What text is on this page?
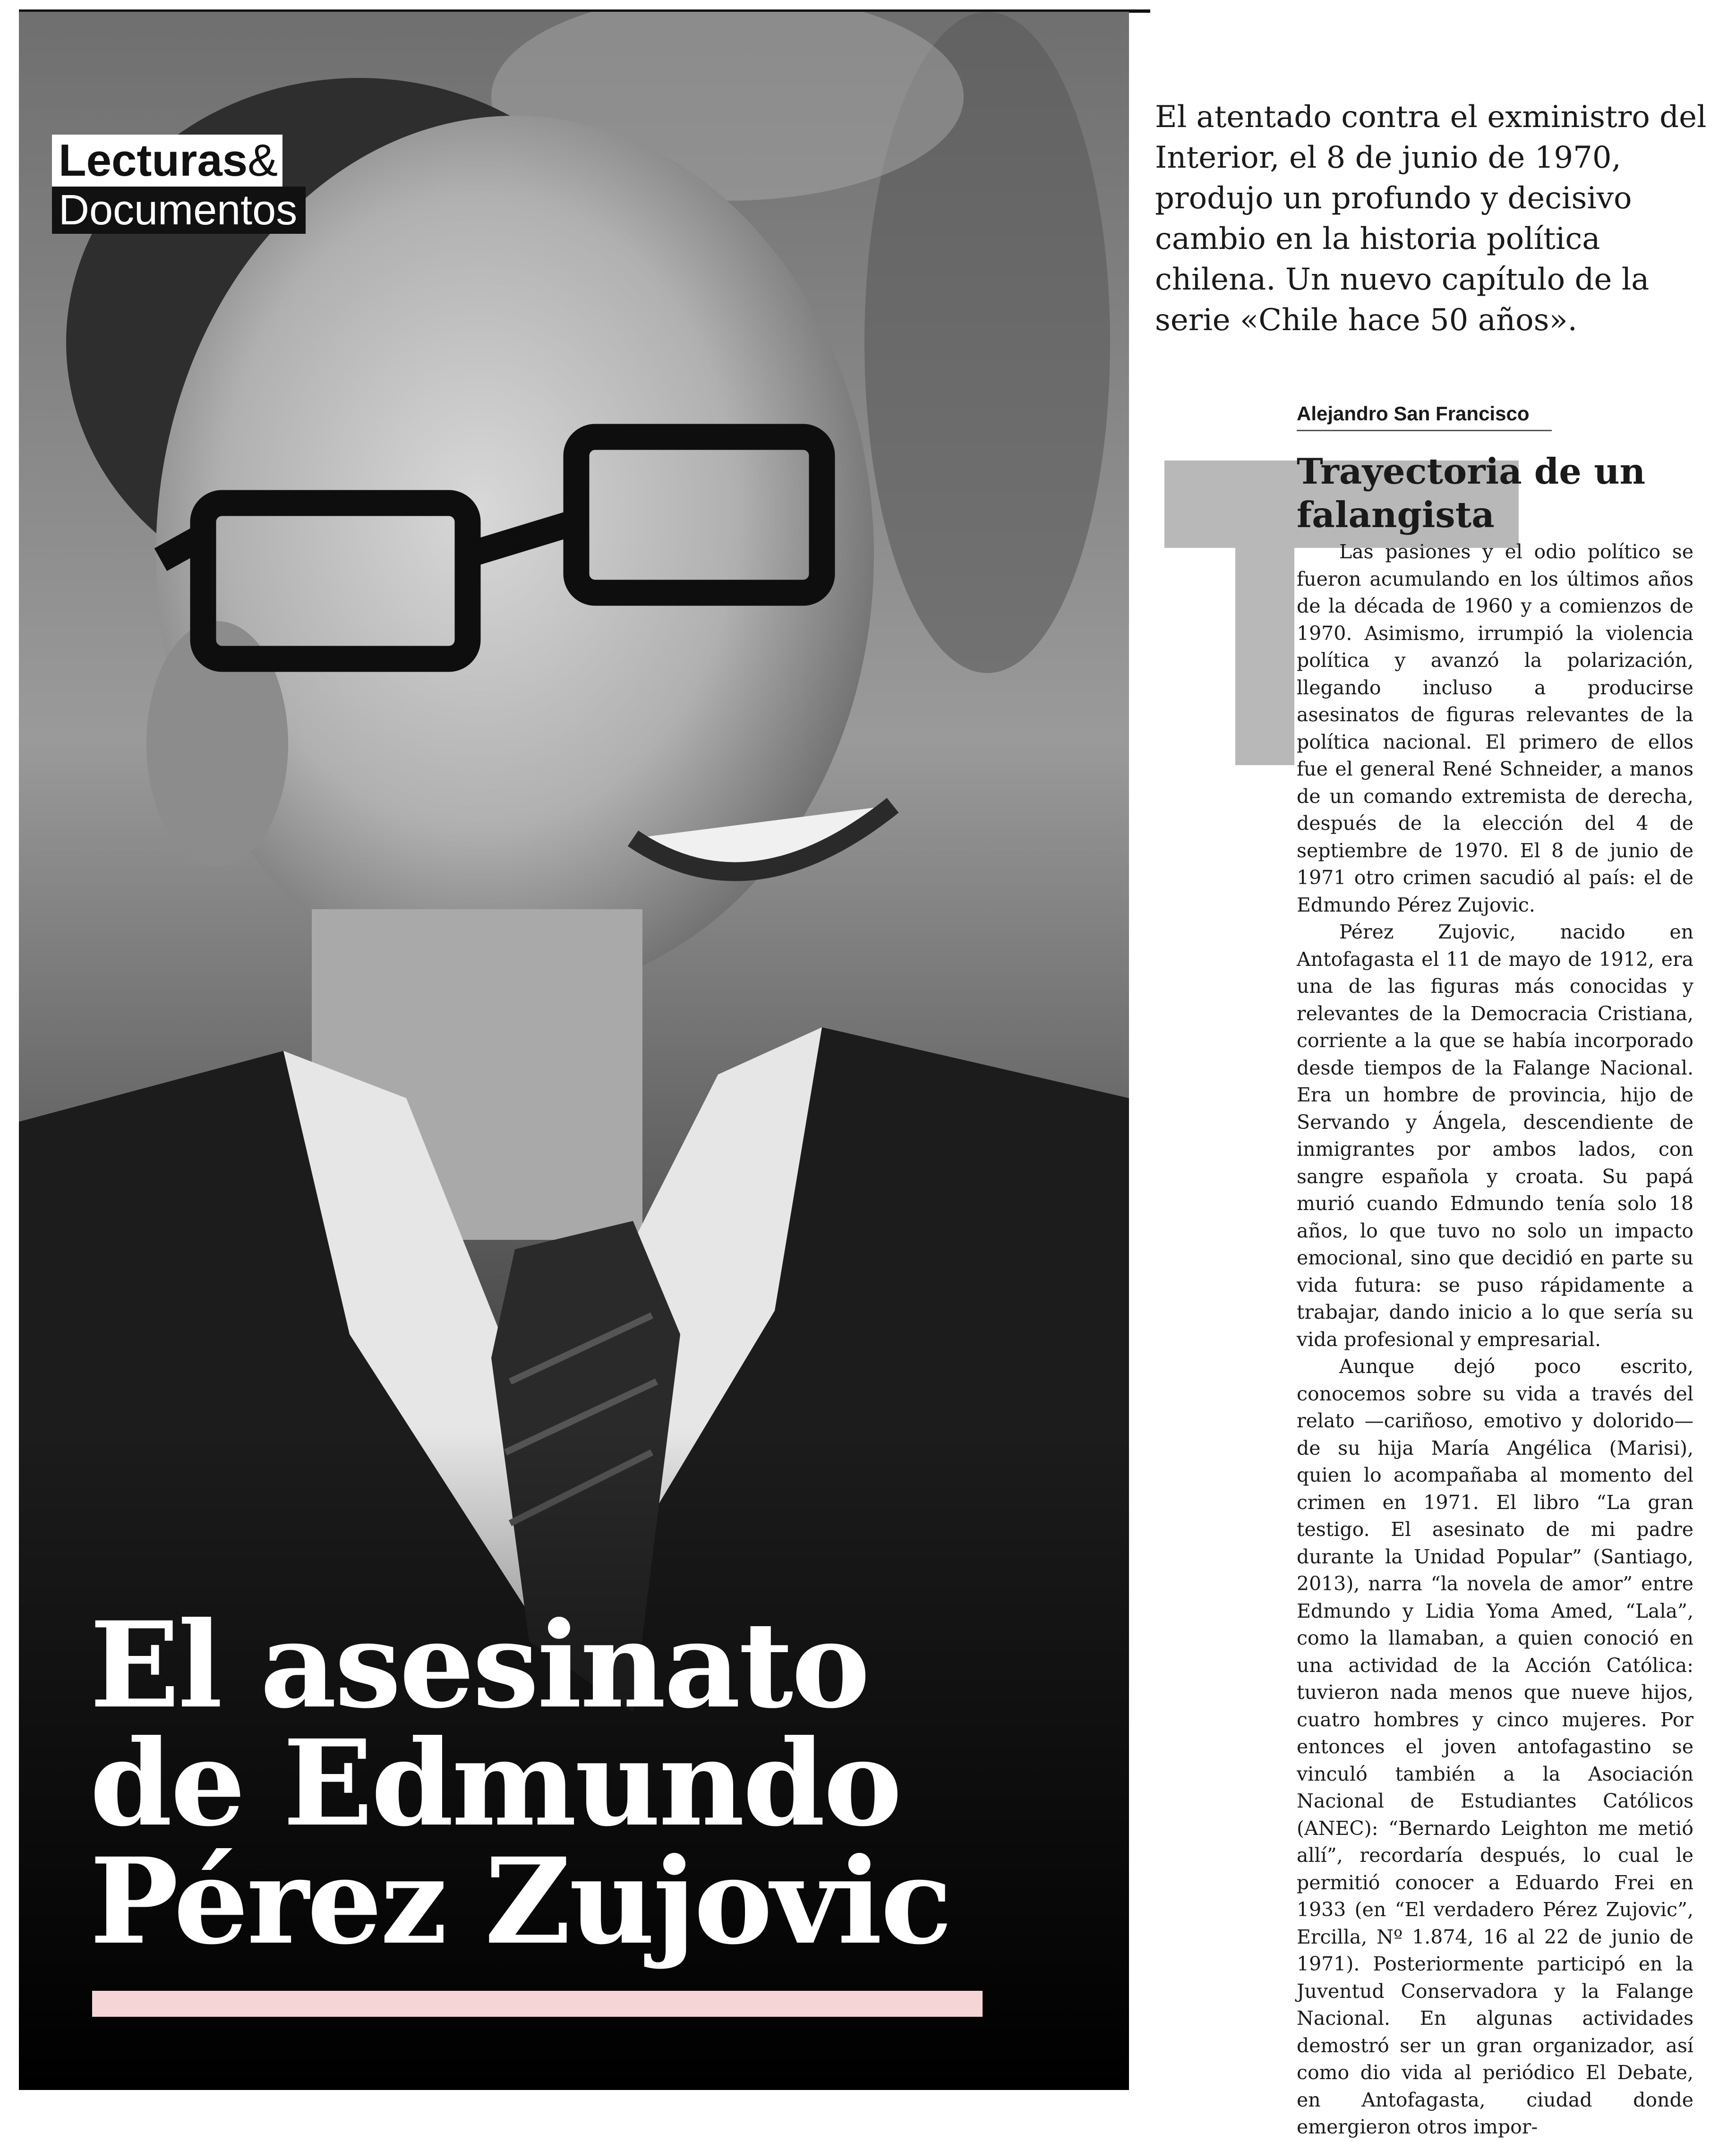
Lecturas&
Documentos
El asesinato
de Edmundo
Pérez Zujovic
El atentado contra el exministro del Interior, el 8 de junio de 1970, produjo un profundo y decisivo cambio en la historia política chilena. Un nuevo capítulo de la serie «Chile hace 50 años».
Alejandro San Francisco
Trayectoria de un falangista

Las pasiones y el odio político se fueron acumulando en los últimos años de la década de 1960 y a comienzos de 1970. Asimismo, irrumpió la violencia política y avanzó la polarización, llegando incluso a producirse asesinatos de figuras relevantes de la política nacional. El primero de ellos fue el general René Schneider, a manos de un comando extremista de derecha, después de la elección del 4 de septiembre de 1970. El 8 de junio de 1971 otro crimen sacudió al país: el de Edmundo Pérez Zujovic.

Pérez Zujovic, nacido en Antofagasta el 11 de mayo de 1912, era una de las figuras más conocidas y relevantes de la Democracia Cristiana, corriente a la que se había incorporado desde tiempos de la Falange Nacional. Era un hombre de provincia, hijo de Servando y Ángela, descendiente de inmigrantes por ambos lados, con sangre española y croata. Su papá murió cuando Edmundo tenía solo 18 años, lo que tuvo no solo un impacto emocional, sino que decidió en parte su vida futura: se puso rápidamente a trabajar, dando inicio a lo que sería su vida profesional y empresarial.

Aunque dejó poco escrito, conocemos sobre su vida a través del relato —cariñoso, emotivo y dolorido— de su hija María Angélica (Marisi), quien lo acompañaba al momento del crimen en 1971. El libro “La gran testigo. El asesinato de mi padre durante la Unidad Popular” (Santiago, 2013), narra “la novela de amor” entre Edmundo y Lidia Yoma Amed, “Lala”, como la llamaban, a quien conoció en una actividad de la Acción Católica: tuvieron nada menos que nueve hijos, cuatro hombres y cinco mujeres. Por entonces el joven antofagastino se vinculó también a la Asociación Nacional de Estudiantes Católicos (ANEC): “Bernardo Leighton me metió allí”, recordaría después, lo cual le permitió conocer a Eduardo Frei en 1933 (en “El verdadero Pérez Zujovic”, Ercilla, Nº 1.874, 16 al 22 de junio de 1971). Posteriormente participó en la Juventud Conservadora y la Falange Nacional. En algunas actividades demostró ser un gran organizador, así como dio vida al periódico El Debate, en Antofagasta, ciudad donde emergieron otros impor-
